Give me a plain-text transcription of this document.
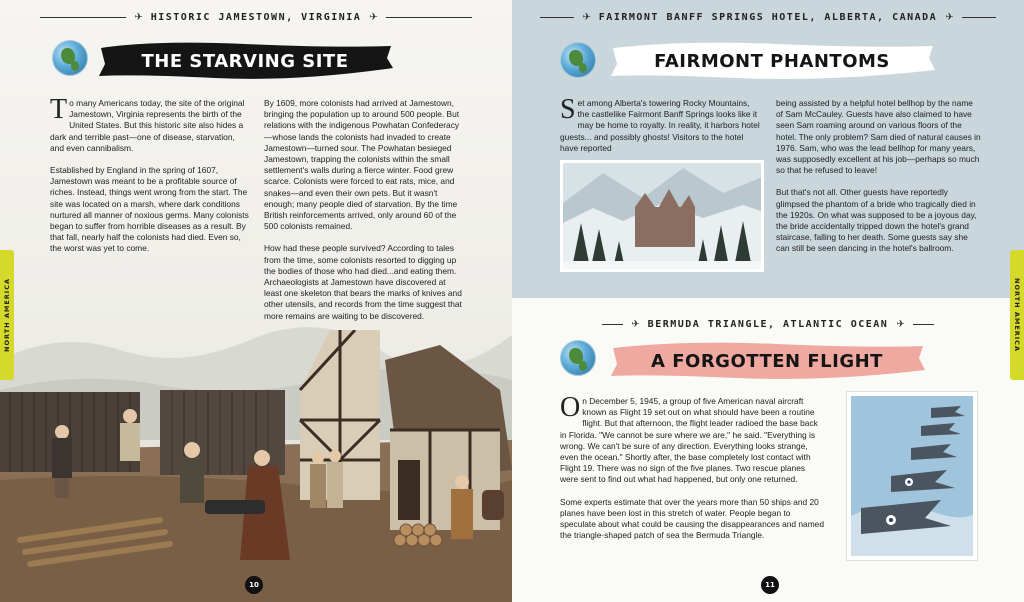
✈ HISTORIC JAMESTOWN, VIRGINIA ✈
THE STARVING SITE

To many Americans today, the site of the original Jamestown, Virginia represents the birth of the United States. But this historic site also hides a dark and terrible past—one of disease, starvation, and even cannibalism.

Established by England in the spring of 1607, Jamestown was meant to be a profitable source of riches. Instead, things went wrong from the start. The site was located on a marsh, where dark conditions nurtured all manner of noxious germs. Many colonists began to suffer from horrible diseases as a result. By that fall, nearly half the colonists had died. Even so, the worst was yet to come.

By 1609, more colonists had arrived at Jamestown, bringing the population up to around 500 people. But relations with the indigenous Powhatan Confederacy—whose lands the colonists had invaded to create Jamestown—turned sour. The Powhatan besieged Jamestown, trapping the colonists within the small settlement's walls during a fierce winter. Food grew scarce. Colonists were forced to eat rats, mice, and snakes—and even their own pets. But it wasn't enough; many people died of starvation. By the time British reinforcements arrived, only around 60 of the 500 colonists remained.

How had these people survived? According to tales from the time, some colonists resorted to digging up the bodies of those who had died...and eating them. Archaeologists at Jamestown have discovered at least one skeleton that bears the marks of knives and other utensils, and records from the time suggest that more remains are waiting to be discovered.

NORTH AMERICA
10
✈ FAIRMONT BANFF SPRINGS HOTEL, ALBERTA, CANADA ✈
FAIRMONT PHANTOMS

Set among Alberta's towering Rocky Mountains, the castlelike Fairmont Banff Springs looks like it may be home to royalty. In reality, it harbors hotel guests... and possibly ghosts! Visitors to the hotel have reported

being assisted by a helpful hotel bellhop by the name of Sam McCauley. Guests have also claimed to have seen Sam roaming around on various floors of the hotel. The only problem? Sam died of natural causes in 1976. Sam, who was the lead bellhop for many years, was supposedly excellent at his job—perhaps so much so that he refused to leave!

But that's not all. Other guests have reportedly glimpsed the phantom of a bride who tragically died in the 1920s. On what was supposed to be a joyous day, the bride accidentally tripped down the hotel's grand staircase, falling to her death. Some guests say she can still be seen dancing in the hotel's ballroom.

✈ BERMUDA TRIANGLE, ATLANTIC OCEAN ✈
A FORGOTTEN FLIGHT

On December 5, 1945, a group of five American naval aircraft known as Flight 19 set out on what should have been a routine flight. But that afternoon, the flight leader radioed the base back in Florida. "We cannot be sure where we are," he said. "Everything is wrong. We can't be sure of any direction. Everything looks strange, even the ocean." Shortly after, the base completely lost contact with Flight 19. There was no sign of the five planes. Two rescue planes were sent to find out what had happened, but only one returned.

Some experts estimate that over the years more than 50 ships and 20 planes have been lost in this stretch of water. People began to speculate about what could be causing the disappearances and named the triangle-shaped patch of sea the Bermuda Triangle.

NORTH AMERICA
11
